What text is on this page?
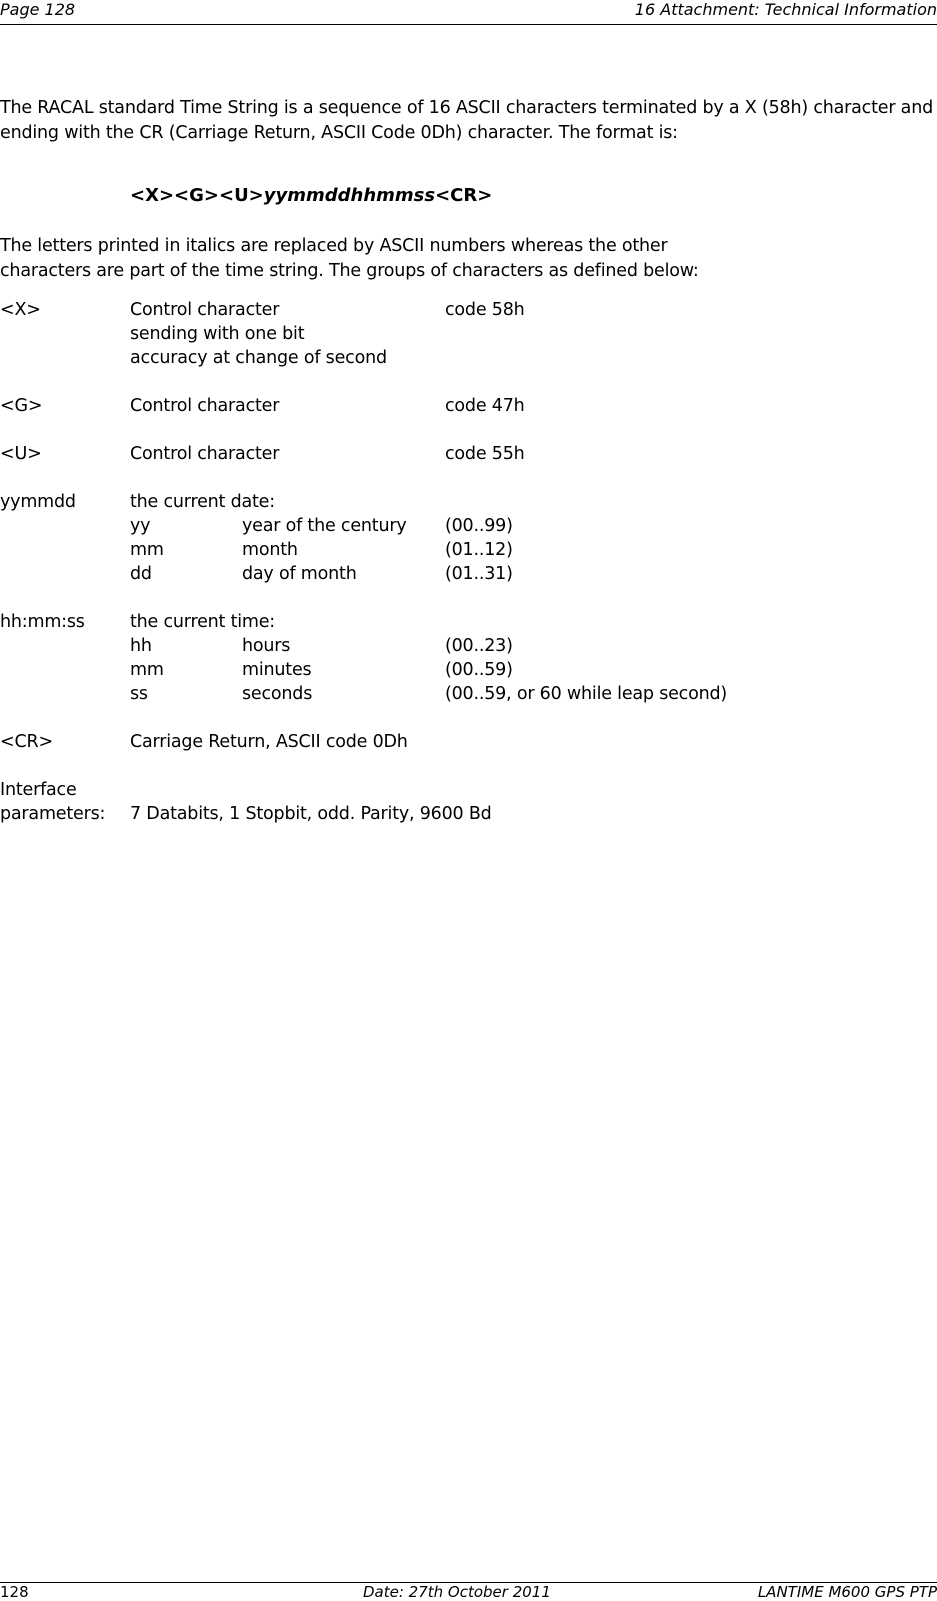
Page 128	16 Attachment: Technical Information
The RACAL standard Time String is a sequence of 16 ASCII characters terminated by a X (58h) character and
ending with the CR (Carriage Return, ASCII Code 0Dh) character. The format is:
<X><G><U>yymmddhhmmss<CR>
The letters printed in italics are replaced by ASCII numbers whereas the other
characters are part of the time string. The groups of characters as defined below:
<X>	Control character	code 58h
sending with one bit
accuracy at change of second
<G>	Control character	code 47h
<U>	Control character	code 55h
yymmdd	the current date:
yy	year of the century (00..99)
mm	month	(01..12)
dd	day of month	(01..31)
hh:mm:ss	the current time:
hh	hours	(00..23)
mm	minutes	(00..59)
ss	seconds	(00..59, or 60 while leap second)
<CR>	Carriage Return, ASCII code 0Dh
Interface
parameters: 7 Databits, 1 Stopbit, odd. Parity, 9600 Bd
128	Date: 27th October 2011	LANTIME M600 GPS PTP
